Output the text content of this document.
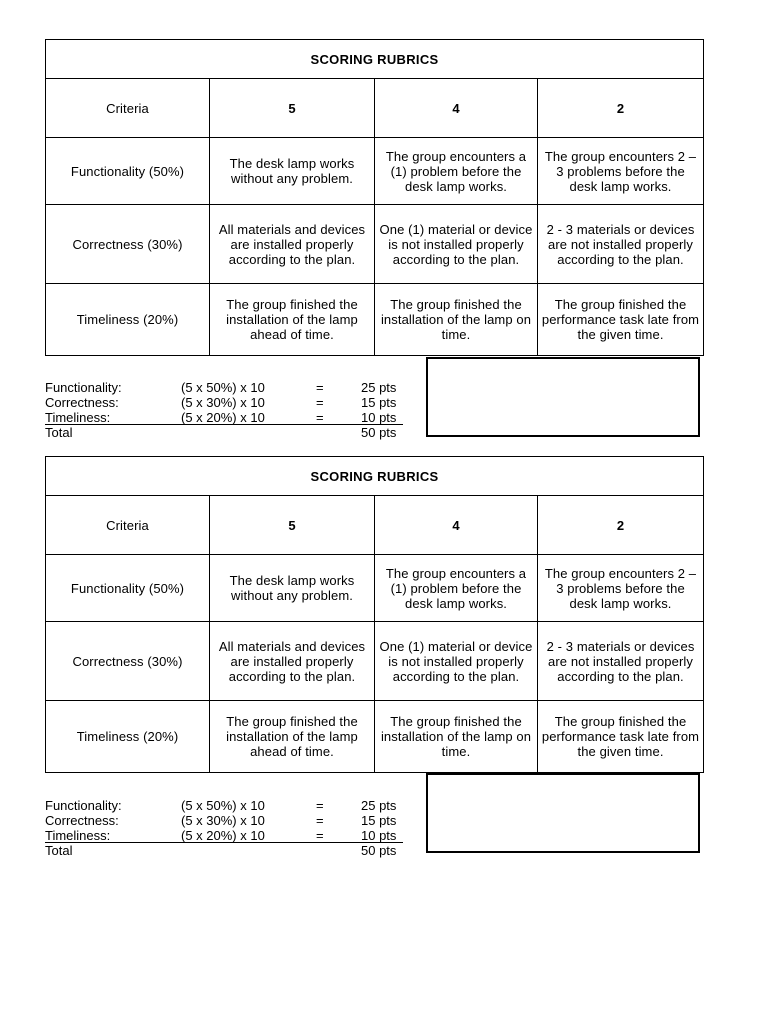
SCORING RUBRICS			
Criteria	5	4	2
Functionality (50%)	The desk lamp works without any problem.	The group encounters a (1) problem before the desk lamp works.	The group encounters 2 – 3 problems before the desk lamp works.
Correctness (30%)	All materials and devices are installed properly according to the plan.	One (1) material or device is not installed properly according to the plan.	2 - 3 materials or devices are not installed properly according to the plan.
Timeliness (20%)	The group finished the installation of the lamp ahead of time.	The group finished the installation of the lamp on time.	The group finished the performance task late from the given time.
Functionality:	(5 x 50%) x 10	=	25 pts
Correctness:	(5 x 30%) x 10	=	15 pts
Timeliness:	(5 x 20%) x 10	=	10 pts
Total	50 pts
SCORING RUBRICS			
Criteria	5	4	2
Functionality (50%)	The desk lamp works without any problem.	The group encounters a (1) problem before the desk lamp works.	The group encounters 2 – 3 problems before the desk lamp works.
Correctness (30%)	All materials and devices are installed properly according to the plan.	One (1) material or device is not installed properly according to the plan.	2 - 3 materials or devices are not installed properly according to the plan.
Timeliness (20%)	The group finished the installation of the lamp ahead of time.	The group finished the installation of the lamp on time.	The group finished the performance task late from the given time.
Functionality:	(5 x 50%) x 10	=	25 pts
Correctness:	(5 x 30%) x 10	=	15 pts
Timeliness:	(5 x 20%) x 10	=	10 pts
Total	50 pts
